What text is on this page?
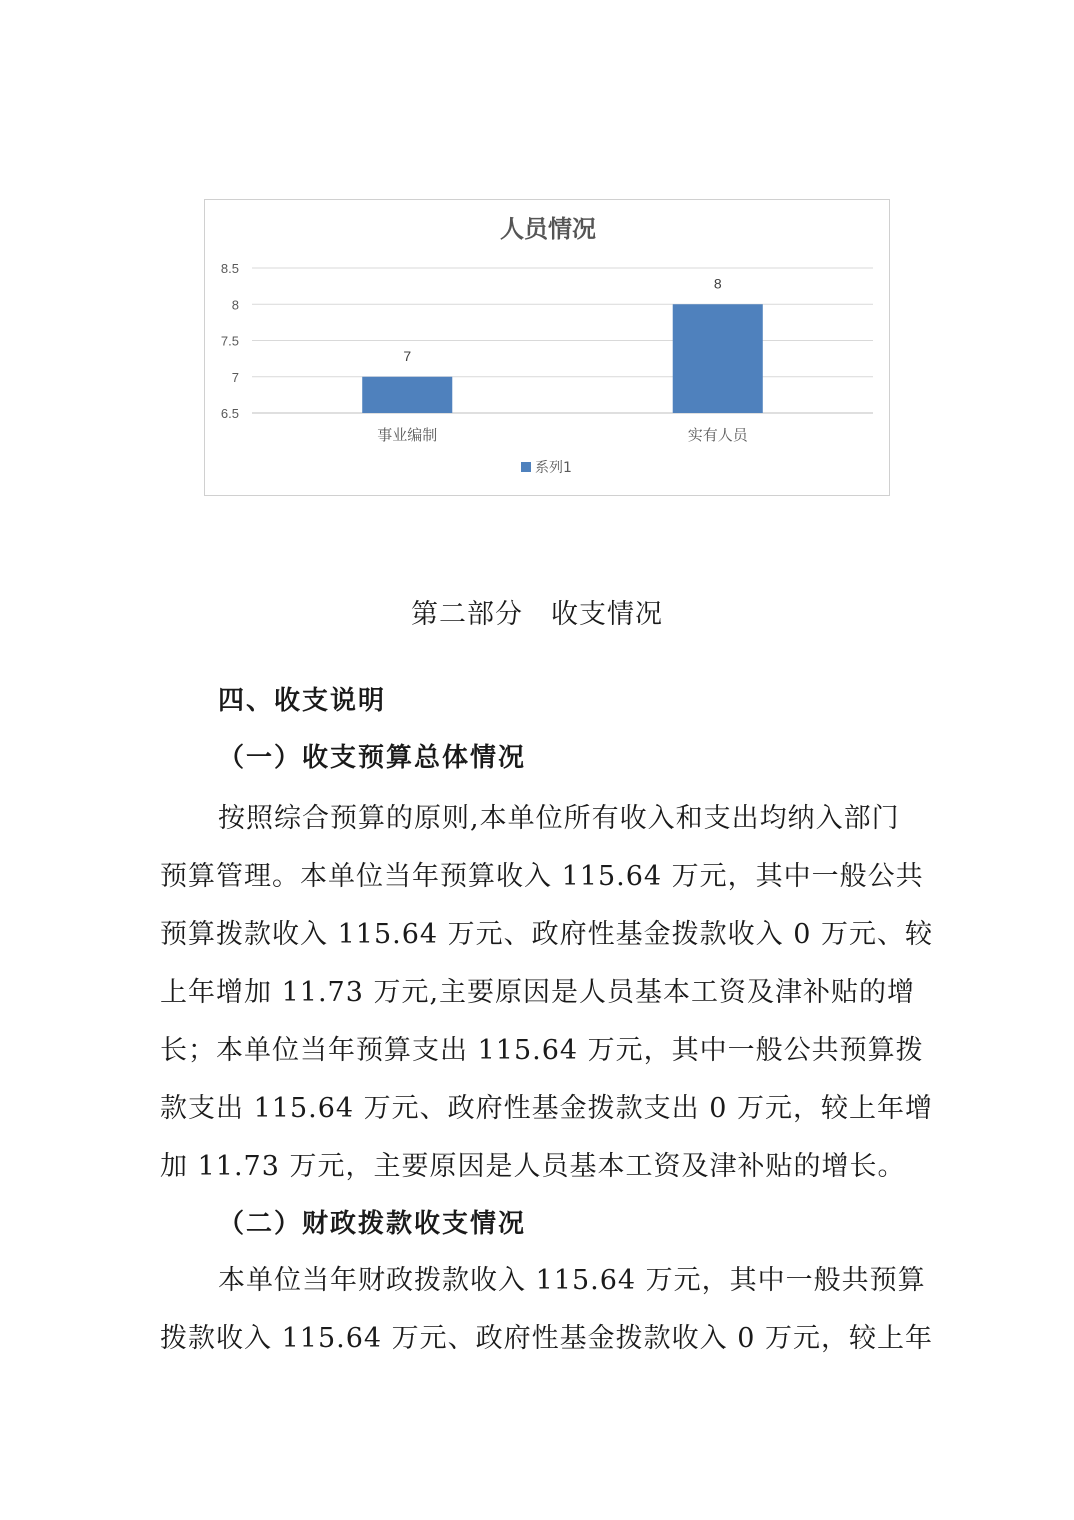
人员情况
8.5
8
7.5
7
6.5
7
事业编制
8
实有人员
系列1
第二部分　收支情况
四、收支说明
（一）收支预算总体情况
按照综合预算的原则,本单位所有收入和支出均纳入部门
预算管理。本单位当年预算收入 115.64 万元，其中一般公共
预算拨款收入 115.64 万元、政府性基金拨款收入 0 万元、较
上年增加 11.73 万元,主要原因是人员基本工资及津补贴的增
长；本单位当年预算支出 115.64 万元，其中一般公共预算拨
款支出 115.64 万元、政府性基金拨款支出 0 万元，较上年增
加 11.73 万元，主要原因是人员基本工资及津补贴的增长。
（二）财政拨款收支情况
本单位当年财政拨款收入 115.64 万元，其中一般共预算
拨款收入 115.64 万元、政府性基金拨款收入 0 万元，较上年
